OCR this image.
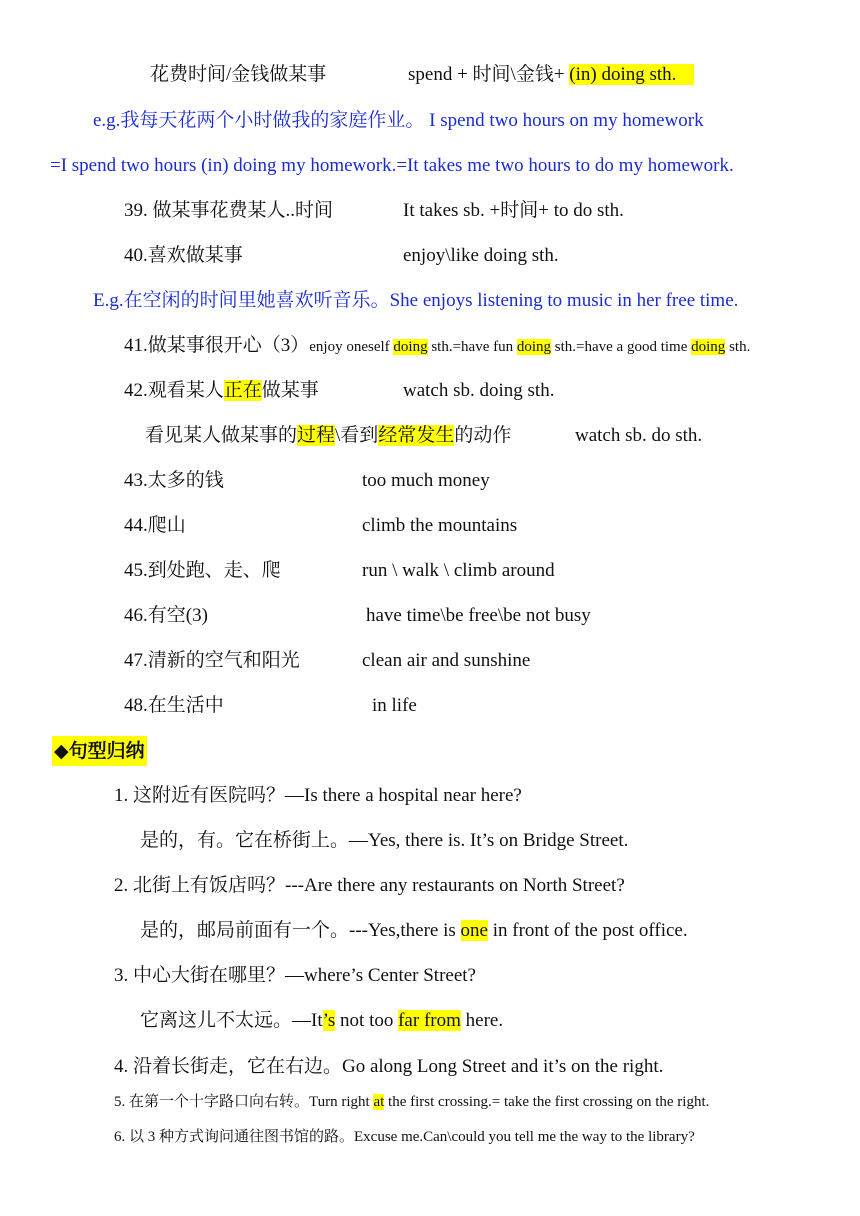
花费时间/金钱做某事	spend + 时间\金钱+ (in) doing sth.
e.g.我每天花两个小时做我的家庭作业。 I spend two hours on my homework
=I spend two hours (in) doing my homework.=It takes me two hours to do my homework.
39. 做某事花费某人..时间	It takes sb. +时间+ to do sth.
40.喜欢做某事	enjoy\like doing sth.
E.g.在空闲的时间里她喜欢听音乐。She enjoys listening to music in her free time.
41.做某事很开心（3）enjoy oneself doing sth.=have fun doing sth.=have a good time doing sth.
42.观看某人正在做某事	watch sb. doing sth.
看见某人做某事的过程\看到经常发生的动作	watch sb. do sth.
43.太多的钱	too much money
44.爬山	climb the mountains
45.到处跑、走、爬	run \ walk \ climb around
46.有空(3)	have time\be free\be not busy
47.清新的空气和阳光	clean air and sunshine
48.在生活中	in life
◆句型归纳
1. 这附近有医院吗？—Is there a hospital near here?
是的，有。它在桥街上。—Yes, there is. It’s on Bridge Street.
2. 北街上有饭店吗？---Are there any restaurants on North Street?
是的，邮局前面有一个。---Yes,there is one in front of the post office.
3. 中心大街在哪里？—where’s Center Street?
它离这儿不太远。—It’s not too far from here.
4. 沿着长街走，它在右边。Go along Long Street and it’s on the right.
5. 在第一个十字路口向右转。Turn right at the first crossing.= take the first crossing on the right.
6. 以 3 种方式询问通往图书馆的路。Excuse me.Can\could you tell me the way to the library?
